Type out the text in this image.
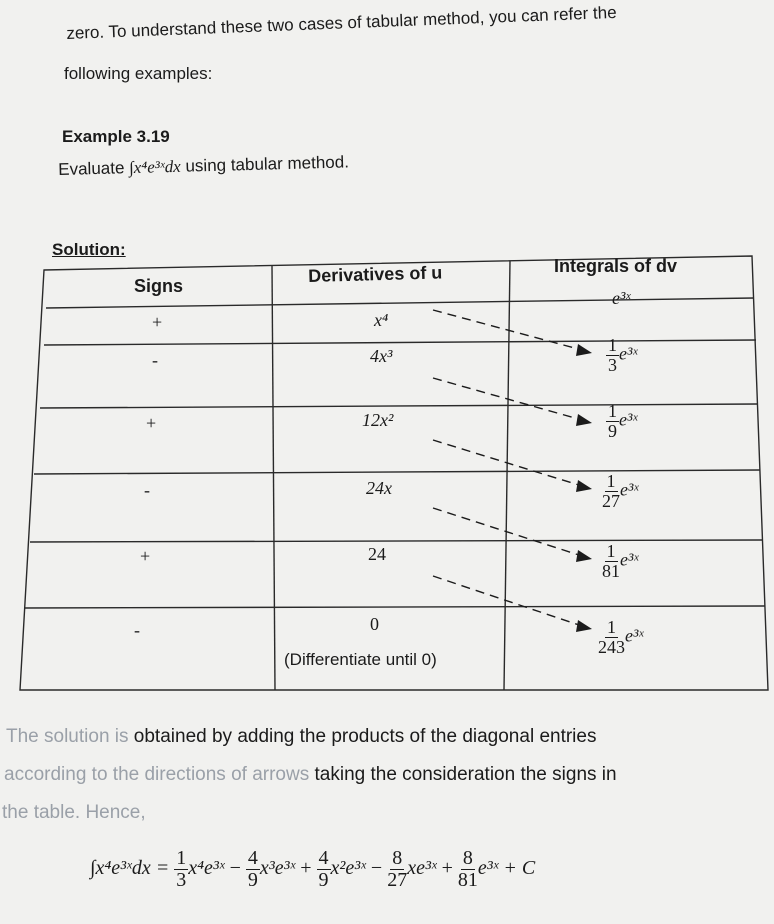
zero. To understand these two cases of tabular method, you can refer the
following examples:
Example 3.19
Evaluate ∫x⁴e³ˣdx using tabular method.
Solution:
Signs
Derivatives of u	Integrals of dv
e³ˣ
+
-
+
-
+
-
x⁴
4x³
12x²
24x
24
0
(Differentiate until 0)
$\frac{1}{3}$ e³ˣ
$\frac{1}{9}$ e³ˣ
$\frac{1}{27}$ e³ˣ
$\frac{1}{81}$ e³ˣ
$\frac{1}{243}$ e³ˣ
The solution is obtained by adding the products of the diagonal entries
according to the directions of arrows taking the consideration the signs in
the table. Hence,
∫x⁴e³ˣdx = $\frac{1}{3}$ x⁴e³ˣ − $\frac{4}{9}$ x³e³ˣ + $\frac{4}{9}$ x²e³ˣ − $\frac{8}{27}$ xe³ˣ + $\frac{8}{81}$ e³ˣ + C
